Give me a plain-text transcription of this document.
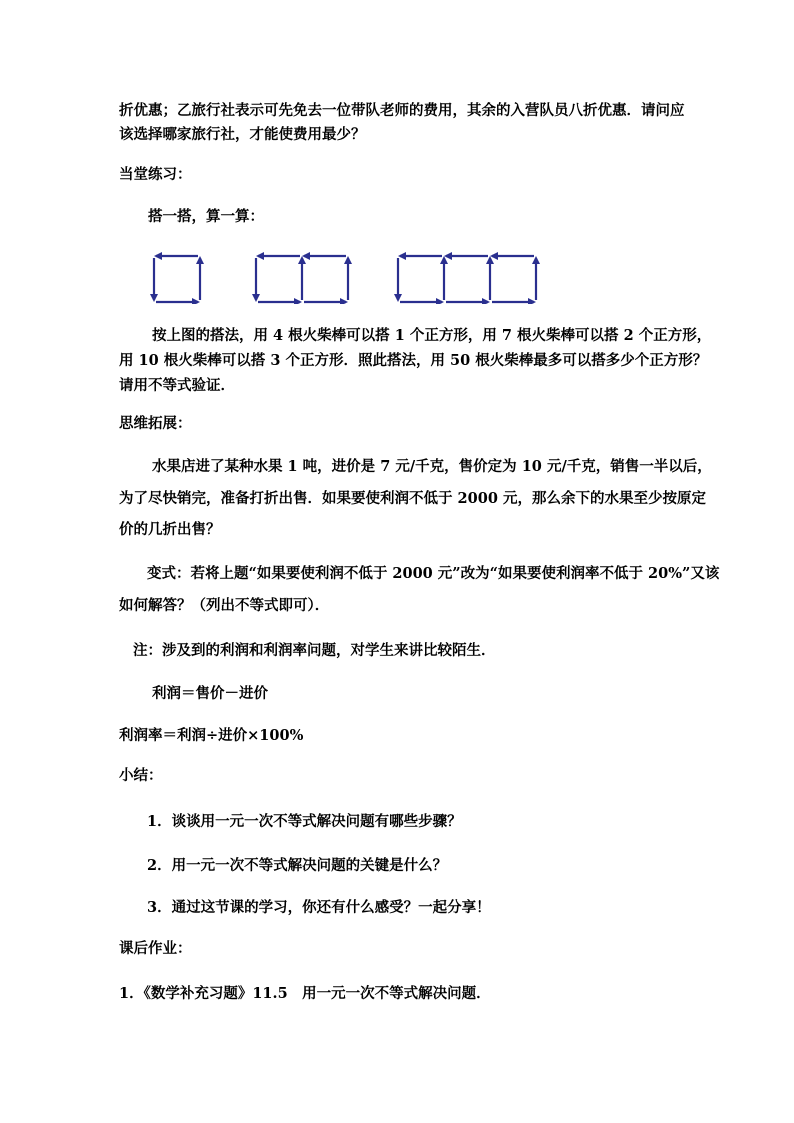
折优惠；乙旅行社表示可先免去一位带队老师的费用，其余的入营队员八折优惠．请问应
该选择哪家旅行社，才能使费用最少？
当堂练习：
搭一搭，算一算：
按上图的搭法，用 4 根火柴棒可以搭 1 个正方形，用 7 根火柴棒可以搭 2 个正方形，
用 10 根火柴棒可以搭 3 个正方形．照此搭法，用 50 根火柴棒最多可以搭多少个正方形？
请用不等式验证．
思维拓展：
水果店进了某种水果 1 吨，进价是 7 元/千克，售价定为 10 元/千克，销售一半以后，
为了尽快销完，准备打折出售．如果要使利润不低于 2000 元，那么余下的水果至少按原定
价的几折出售？
变式：若将上题“如果要使利润不低于 2000 元”改为“如果要使利润率不低于 20%”又该
如何解答？（列出不等式即可）．
注：涉及到的利润和利润率问题，对学生来讲比较陌生．
利润＝售价－进价
利润率＝利润÷进价×100%
小结：
1．谈谈用一元一次不等式解决问题有哪些步骤？
2．用一元一次不等式解决问题的关键是什么？
3．通过这节课的学习，你还有什么感受？一起分享！
课后作业：
1．《数学补充习题》11.5　用一元一次不等式解决问题．
